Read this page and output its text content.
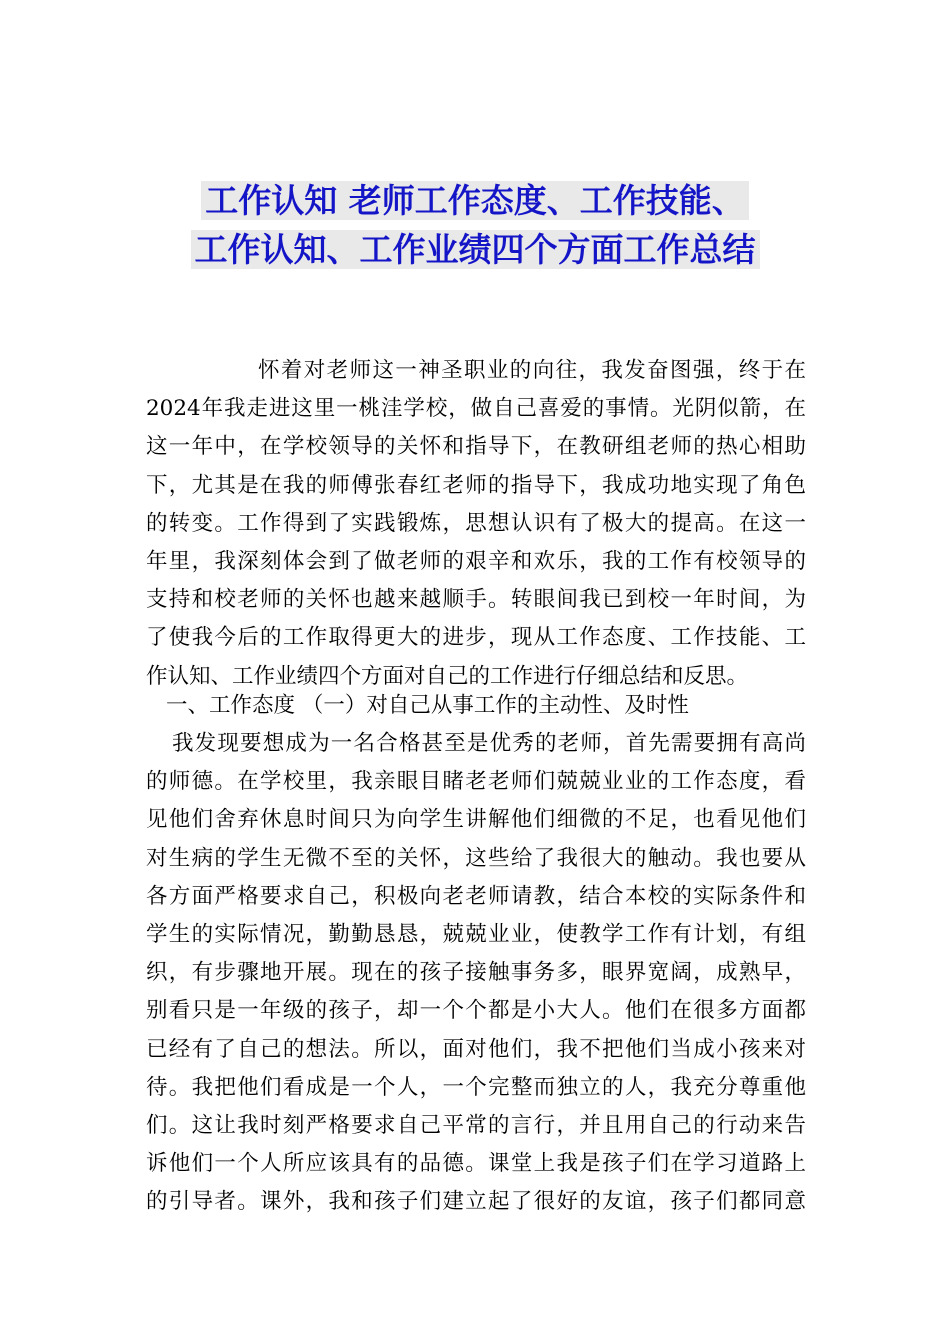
工作认知 老师工作态度、工作技能、
工作认知、工作业绩四个方面工作总结
怀着对老师这一神圣职业的向往，我发奋图强，终于在
2024年我走进这里一桃洼学校，做自己喜爱的事情。光阴似箭，在
这一年中，在学校领导的关怀和指导下，在教研组老师的热心相助
下，尤其是在我的师傅张春红老师的指导下，我成功地实现了角色
的转变。工作得到了实践锻炼，思想认识有了极大的提高。在这一
年里，我深刻体会到了做老师的艰辛和欢乐，我的工作有校领导的
支持和校老师的关怀也越来越顺手。转眼间我已到校一年时间，为
了使我今后的工作取得更大的进步，现从工作态度、工作技能、工
作认知、工作业绩四个方面对自己的工作进行仔细总结和反思。
一、工作态度 （一）对自己从事工作的主动性、及时性
我发现要想成为一名合格甚至是优秀的老师，首先需要拥有高尚
的师德。在学校里，我亲眼目睹老老师们兢兢业业的工作态度，看
见他们舍弃休息时间只为向学生讲解他们细微的不足，也看见他们
对生病的学生无微不至的关怀，这些给了我很大的触动。我也要从
各方面严格要求自己，积极向老老师请教，结合本校的实际条件和
学生的实际情况，勤勤恳恳，兢兢业业，使教学工作有计划，有组
织，有步骤地开展。现在的孩子接触事务多，眼界宽阔，成熟早，
别看只是一年级的孩子，却一个个都是小大人。他们在很多方面都
已经有了自己的想法。所以，面对他们，我不把他们当成小孩来对
待。我把他们看成是一个人，一个完整而独立的人，我充分尊重他
们。这让我时刻严格要求自己平常的言行，并且用自己的行动来告
诉他们一个人所应该具有的品德。课堂上我是孩子们在学习道路上
的引导者。课外，我和孩子们建立起了很好的友谊，孩子们都同意
